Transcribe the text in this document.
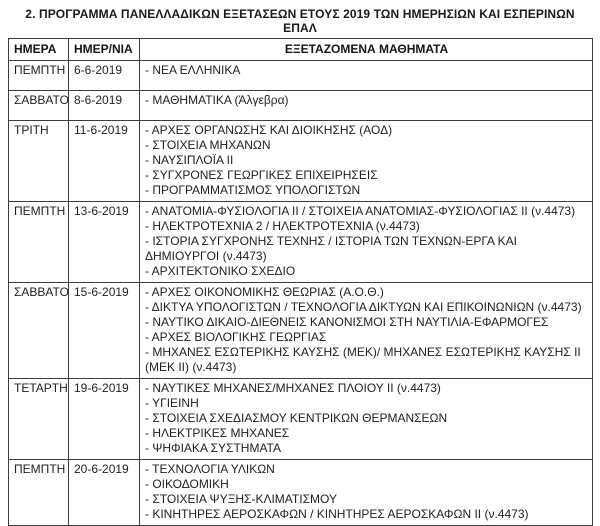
2. ΠΡΟΓΡΑΜΜΑ ΠΑΝΕΛΛΑΔΙΚΩΝ ΕΞΕΤΑΣΕΩΝ ΕΤΟΥΣ 2019 ΤΩΝ ΗΜΕΡΗΣΙΩΝ ΚΑΙ ΕΣΠΕΡΙΝΩΝ ΕΠΑΛ
ΗΜΕΡΑ	ΗΜΕΡ/ΝΙΑ	ΕΞΕΤΑΖΟΜΕΝΑ ΜΑΘΗΜΑΤΑ
ΠΕΜΠΤΗ	6-6-2019	- ΝΕΑ ΕΛΛΗΝΙΚΑ

ΣΑΒΒΑΤΟ	8-6-2019	- ΜΑΘΗΜΑΤΙΚΑ (Άλγεβρα)

ΤΡΙΤΗ	11-6-2019	- ΑΡΧΕΣ ΟΡΓΑΝΩΣΗΣ ΚΑΙ ΔΙΟΙΚΗΣΗΣ (ΑΟΔ)
- ΣΤΟΙΧΕΙΑ ΜΗΧΑΝΩΝ
- ΝΑΥΣΙΠΛΟΪΑ ΙΙ
- ΣΥΓΧΡΟΝΕΣ ΓΕΩΡΓΙΚΕΣ ΕΠΙΧΕΙΡΗΣΕΙΣ
- ΠΡΟΓΡΑΜΜΑΤΙΣΜΟΣ ΥΠΟΛΟΓΙΣΤΩΝ

ΠΕΜΠΤΗ	13-6-2019	- ΑΝΑΤΟΜΙΑ-ΦΥΣΙΟΛΟΓΙΑ ΙΙ / ΣΤΟΙΧΕΙΑ ΑΝΑΤΟΜΙΑΣ-ΦΥΣΙΟΛΟΓΙΑΣ ΙΙ (ν.4473)
- ΗΛΕΚΤΡΟΤΕΧΝΙΑ 2 / ΗΛΕΚΤΡΟΤΕΧΝΙΑ (ν.4473)
- ΙΣΤΟΡΙΑ ΣΥΓΧΡΟΝΗΣ ΤΕΧΝΗΣ / ΙΣΤΟΡΙΑ ΤΩΝ ΤΕΧΝΩΝ-ΕΡΓΑ ΚΑΙ ΔΗΜΙΟΥΡΓΟΙ (ν.4473)
- ΑΡΧΙΤΕΚΤΟΝΙΚΟ ΣΧΕΔΙΟ

ΣΑΒΒΑΤΟ	15-6-2019	- ΑΡΧΕΣ ΟΙΚΟΝΟΜΙΚΗΣ ΘΕΩΡΙΑΣ (Α.Ο.Θ.)
- ΔΙΚΤΥΑ ΥΠΟΛΟΓΙΣΤΩΝ / ΤΕΧΝΟΛΟΓΙΑ ΔΙΚΤΥΩΝ ΚΑΙ ΕΠΙΚΟΙΝΩΝΙΩΝ (ν.4473)
- ΝΑΥΤΙΚΟ ΔΙΚΑΙΟ-ΔΙΕΘΝΕΙΣ ΚΑΝΟΝΙΣΜΟΙ ΣΤΗ ΝΑΥΤΙΛΙΑ-ΕΦΑΡΜΟΓΕΣ
- ΑΡΧΕΣ ΒΙΟΛΟΓΙΚΗΣ ΓΕΩΡΓΙΑΣ
- ΜΗΧΑΝΕΣ ΕΣΩΤΕΡΙΚΗΣ ΚΑΥΣΗΣ (ΜΕΚ)/ ΜΗΧΑΝΕΣ ΕΣΩΤΕΡΙΚΗΣ ΚΑΥΣΗΣ ΙΙ (ΜΕΚ ΙΙ) (ν.4473)

ΤΕΤΑΡΤΗ	19-6-2019	- ΝΑΥΤΙΚΕΣ ΜΗΧΑΝΕΣ/ΜΗΧΑΝΕΣ ΠΛΟΙΟΥ ΙΙ (ν.4473)
- ΥΓΙΕΙΝΗ
- ΣΤΟΙΧΕΙΑ ΣΧΕΔΙΑΣΜΟΥ ΚΕΝΤΡΙΚΩΝ ΘΕΡΜΑΝΣΕΩΝ
- ΗΛΕΚΤΡΙΚΕΣ ΜΗΧΑΝΕΣ
- ΨΗΦΙΑΚΑ ΣΥΣΤΗΜΑΤΑ

ΠΕΜΠΤΗ	20-6-2019	- ΤΕΧΝΟΛΟΓΙΑ ΥΛΙΚΩΝ
- ΟΙΚΟΔΟΜΙΚΗ
- ΣΤΟΙΧΕΙΑ ΨΥΞΗΣ-ΚΛΙΜΑΤΙΣΜΟΥ
- ΚΙΝΗΤΗΡΕΣ ΑΕΡΟΣΚΑΦΩΝ / ΚΙΝΗΤΗΡΕΣ ΑΕΡΟΣΚΑΦΩΝ ΙΙ (ν.4473)
